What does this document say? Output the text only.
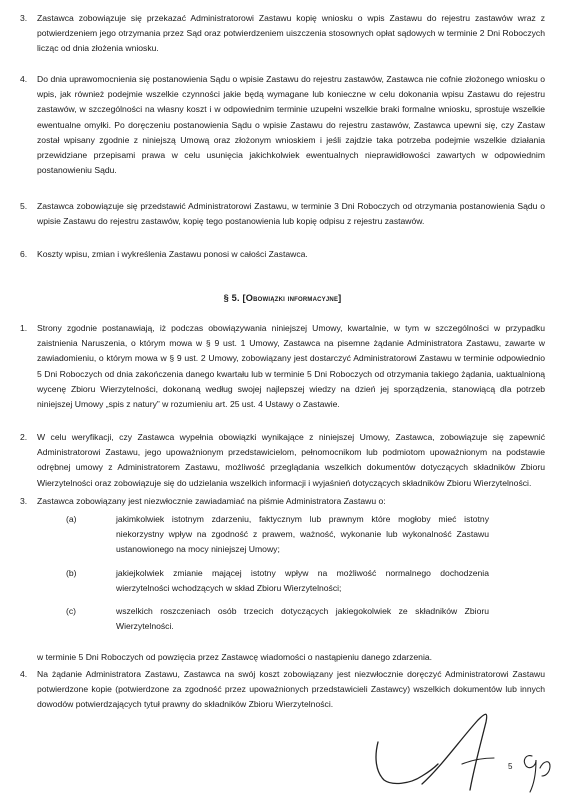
3. Zastawca zobowiązuje się przekazać Administratorowi Zastawu kopię wniosku o wpis Zastawu do rejestru zastawów wraz z potwierdzeniem jego otrzymania przez Sąd oraz potwierdzeniem uiszczenia stosownych opłat sądowych w terminie 2 Dni Roboczych licząc od dnia złożenia wniosku.
4. Do dnia uprawomocnienia się postanowienia Sądu o wpisie Zastawu do rejestru zastawów, Zastawca nie cofnie złożonego wniosku o wpis, jak również podejmie wszelkie czynności jakie będą wymagane lub konieczne w celu dokonania wpisu Zastawu do rejestru zastawów, w szczególności na własny koszt i w odpowiednim terminie uzupełni wszelkie braki formalne wniosku, sprostuje wszelkie ewentualne omyłki. Po doręczeniu postanowienia Sądu o wpisie Zastawu do rejestru zastawów, Zastawca upewni się, czy Zastaw został wpisany zgodnie z niniejszą Umową oraz złożonym wnioskiem i jeśli zajdzie taka potrzeba podejmie wszelkie działania przewidziane przepisami prawa w celu usunięcia jakichkolwiek ewentualnych nieprawidłowości zawartych w odpowiednim postanowieniu Sądu.
5. Zastawca zobowiązuje się przedstawić Administratorowi Zastawu, w terminie 3 Dni Roboczych od otrzymania postanowienia Sądu o wpisie Zastawu do rejestru zastawów, kopię tego postanowienia lub kopię odpisu z rejestru zastawów.
6. Koszty wpisu, zmian i wykreślenia Zastawu ponosi w całości Zastawca.
§ 5. [Obowiązki informacyjne]
1. Strony zgodnie postanawiają, iż podczas obowiązywania niniejszej Umowy, kwartalnie, w tym w szczególności w przypadku zaistnienia Naruszenia, o którym mowa w § 9 ust. 1 Umowy, Zastawca na pisemne żądanie Administratora Zastawu, zawarte w zawiadomieniu, o którym mowa w § 9 ust. 2 Umowy, zobowiązany jest dostarczyć Administratorowi Zastawu w terminie odpowiednio 5 Dni Roboczych od dnia zakończenia danego kwartału lub w terminie 5 Dni Roboczych od otrzymania takiego żądania, uaktualnioną wycenę Zbioru Wierzytelności, dokonaną według swojej najlepszej wiedzy na dzień jej sporządzenia, stanowiącą dla potrzeb niniejszej Umowy „spis z natury” w rozumieniu art. 25 ust. 4 Ustawy o Zastawie.
2. W celu weryfikacji, czy Zastawca wypełnia obowiązki wynikające z niniejszej Umowy, Zastawca, zobowiązuje się zapewnić Administratorowi Zastawu, jego upoważnionym przedstawicielom, pełnomocnikom lub podmiotom upoważnionym na podstawie odrębnej umowy z Administratorem Zastawu, możliwość przeglądania wszelkich dokumentów dotyczących składników Zbioru Wierzytelności oraz zobowiązuje się do udzielania wszelkich informacji i wyjaśnień dotyczących składników Zbioru Wierzytelności.
3. Zastawca zobowiązany jest niezwłocznie zawiadamiać na piśmie Administratora Zastawu o:
(a)	jakimkolwiek istotnym zdarzeniu, faktycznym lub prawnym które mogłoby mieć istotny niekorzystny wpływ na zgodność z prawem, ważność, wykonanie lub wykonalność Zastawu ustanowionego na mocy niniejszej Umowy;
(b)	jakiejkolwiek zmianie mającej istotny wpływ na możliwość normalnego dochodzenia wierzytelności wchodzących w skład Zbioru Wierzytelności;
(c)	wszelkich roszczeniach osób trzecich dotyczących jakiegokolwiek ze składników Zbioru Wierzytelności.
w terminie 5 Dni Roboczych od powzięcia przez Zastawcę wiadomości o nastąpieniu danego zdarzenia.
4. Na żądanie Administratora Zastawu, Zastawca na swój koszt zobowiązany jest niezwłocznie doręczyć Administratorowi Zastawu potwierdzone kopie (potwierdzone za zgodność przez upoważnionych przedstawicieli Zastawcy) wszelkich dokumentów lub innych dowodów potwierdzających tytuł prawny do składników Zbioru Wierzytelności.
5
